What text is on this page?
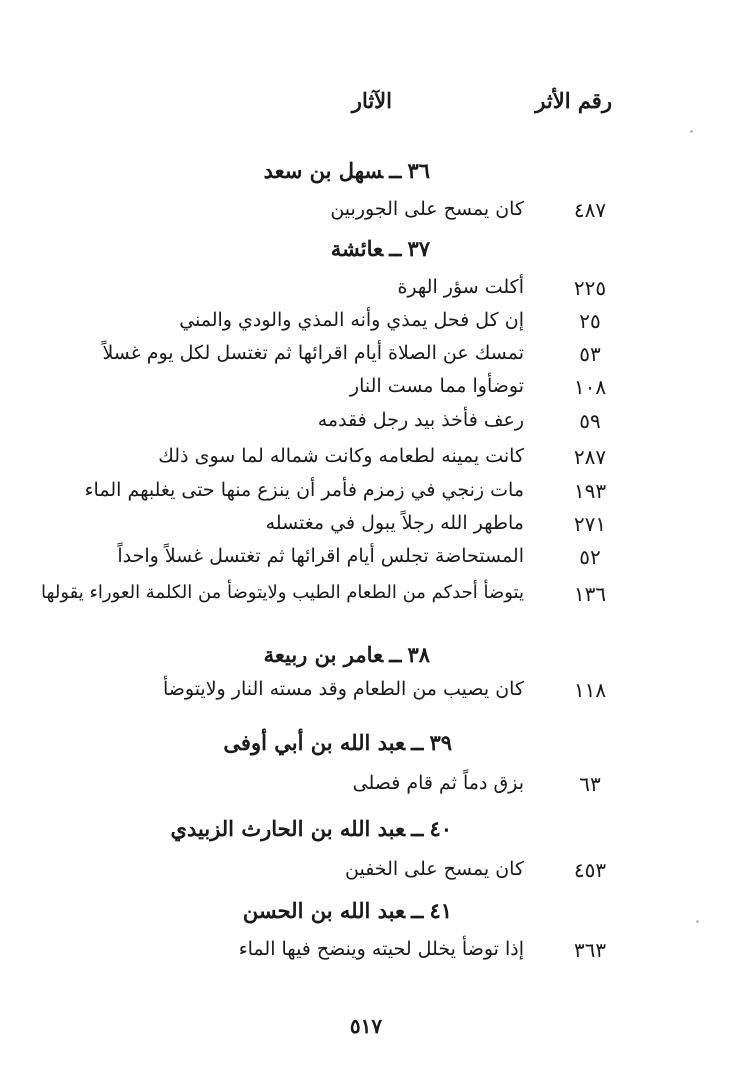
رقم الأثر
الآثار
٣٦ــسهل بن سعد
٤٨٧
كان يمسح على الجوربين
٣٧ــعائشة
٢٢٥
أكلت سؤر الهرة
٢٥
إن كل فحل يمذي وأنه المذي والودي والمني
٥٣
تمسك عن الصلاة أيام اقرائها ثم تغتسل لكل يوم غسلاً
١٠٨
توضأوا مما مست النار
٥٩
رعف فأخذ بيد رجل فقدمه
٢٨٧
كانت يمينه لطعامه وكانت شماله لما سوى ذلك
١٩٣
مات زنجي في زمزم فأمر أن ينزع منها حتى يغلبهم الماء
٢٧١
ماطهر الله رجلاً يبول في مغتسله
٥٢
المستحاضة تجلس أيام اقرائها ثم تغتسل غسلاً واحداً
١٣٦
يتوضأ أحدكم من الطعام الطيب ولايتوضأ من الكلمة العوراء يقولها
٣٨ــعامر بن ربيعة
١١٨
كان يصيب من الطعام وقد مسته النار ولايتوضأ
٣٩ــعبد الله بن أبي أوفى
٦٣
بزق دماً ثم قام فصلى
٤٠ــعبد الله بن الحارث الزبيدي
٤٥٣
كان يمسح على الخفين
٤١ــعبد الله بن الحسن
٣٦٣
إذا توضأ يخلل لحيته وينضح فيها الماء
٥١٧
